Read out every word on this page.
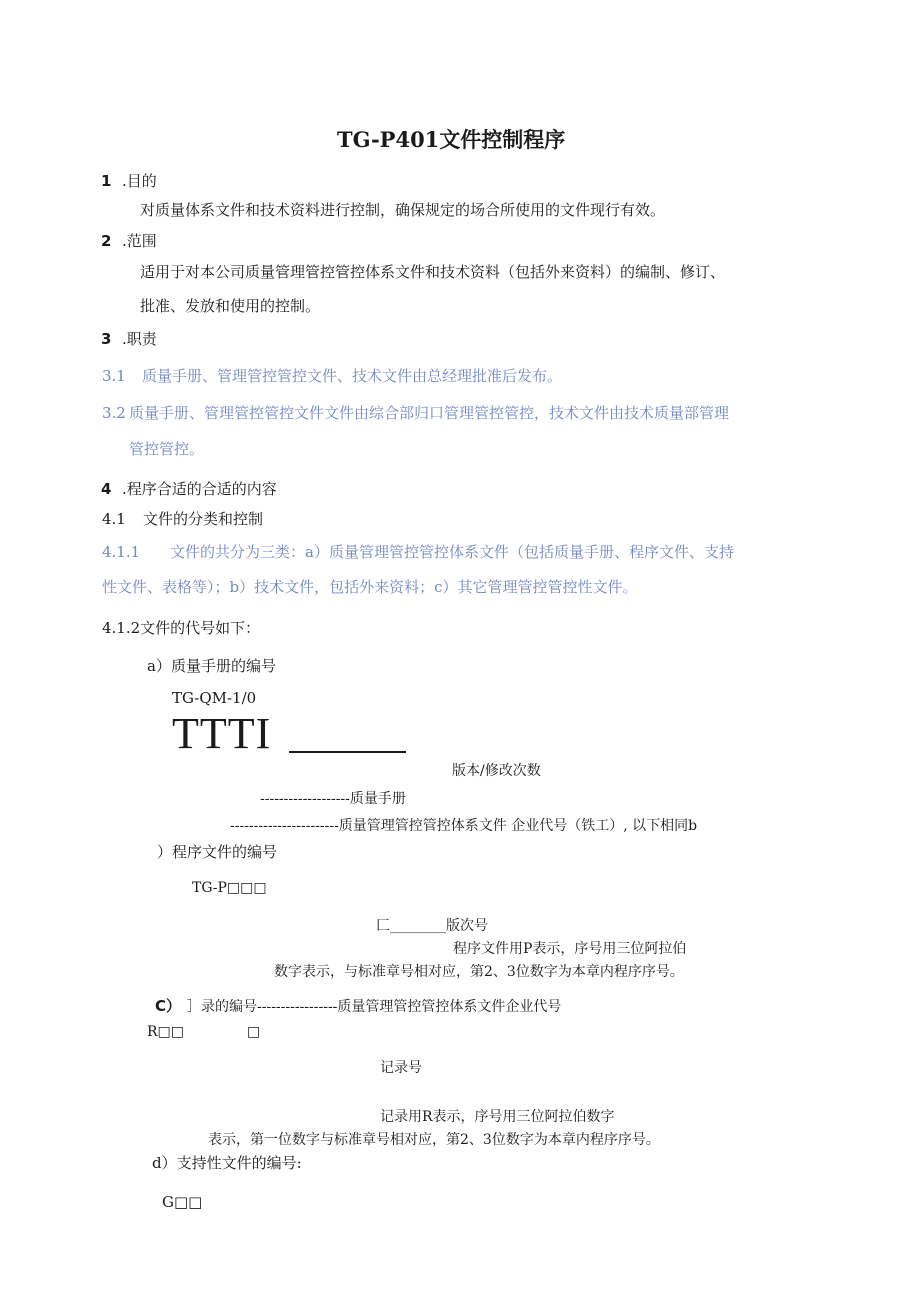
TG-P401文件控制程序
1 .目的
对质量体系文件和技术资料进行控制，确保规定的场合所使用的文件现行有效。
2 .范围
适用于对本公司质量管理管控管控体系文件和技术资料（包括外来资料）的编制、修订、
批准、发放和使用的控制。
3 .职责
3.1 质量手册、管理管控管控文件、技术文件由总经理批准后发布。
3.2 质量手册、管理管控管控文件文件由综合部归口管理管控管控，技术文件由技术质量部管理
管控管控。
4 .程序合适的合适的内容
4.1 文件的分类和控制
4.1.1 文件的共分为三类：a）质量管理管控管控体系文件（包括质量手册、程序文件、支持
性文件、表格等）；b）技术文件，包括外来资料；c）其它管理管控管控性文件。
4.1.2文件的代号如下：
a）质量手册的编号
TG-QM-1/0
TTTI
版本/修改次数
-------------------质量手册
-----------------------质量管理管控管控体系文件 企业代号（铁工）, 以下相同b
）程序文件的编号
TG-P□□□
匚________版次号
程序文件用P表示，序号用三位阿拉伯
数字表示，与标准章号相对应，第2、3位数字为本章内程序序号。
C） ］录的编号-----------------质量管理管控管控体系文件企业代号
R□□	□
记录号
记录用R表示，序号用三位阿拉伯数字
表示，第一位数字与标准章号相对应，第2、3位数字为本章内程序序号。
d）支持性文件的编号:
G□□
